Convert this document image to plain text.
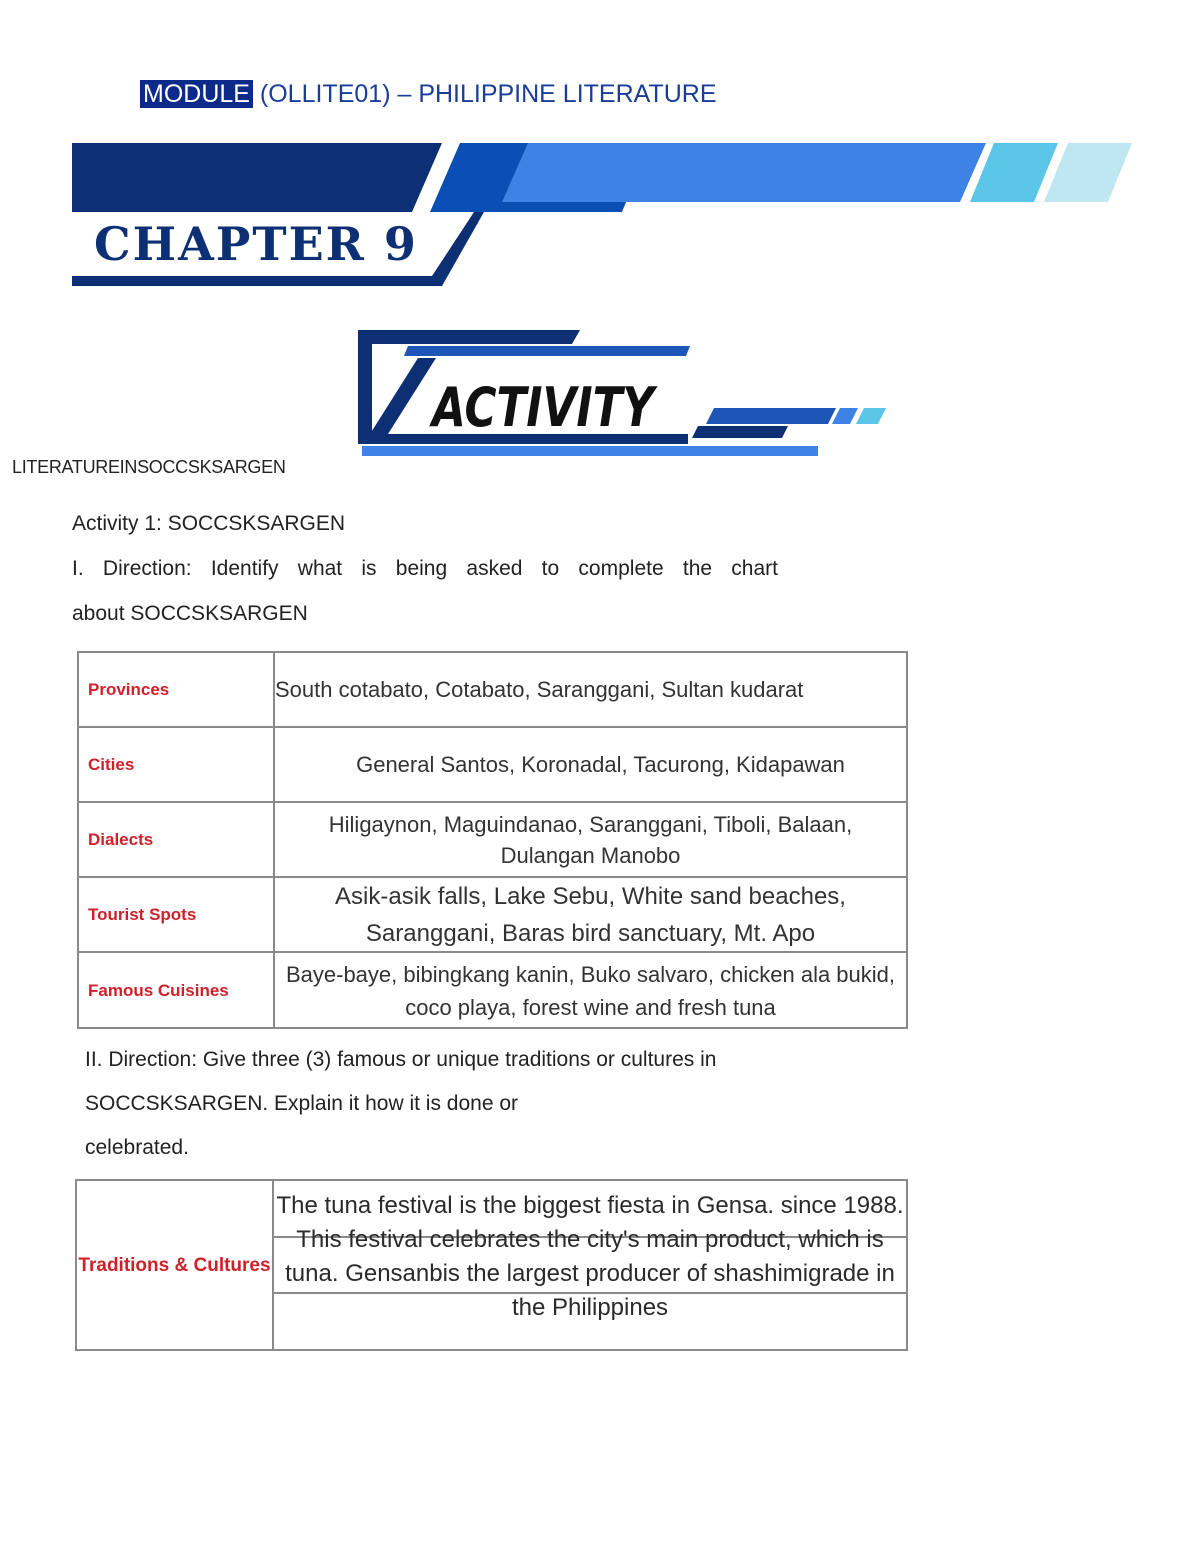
MODULE (OLLITE01) – PHILIPPINE LITERATURE
CHAPTER 9
ACTIVITY
LITERATUREINSOCCSKSARGEN
Activity 1: SOCCSKSARGEN
I. Direction: Identify what is being asked to complete the chart
about SOCCSKSARGEN
Provinces	South cotabato, Cotabato, Saranggani, Sultan kudarat
Cities	General Santos, Koronadal, Tacurong, Kidapawan
Hiligaynon, Maguindanao, Saranggani, Tiboli, Balaan, Dulangan Manobo
Dialects
Tourist Spots
Asik-asik falls, Lake Sebu, White sand beaches, Saranggani, Baras bird sanctuary, Mt. Apo
Famous Cuisines
Baye-baye, bibingkang kanin, Buko salvaro, chicken ala bukid, coco playa, forest wine and fresh tuna
II. Direction: Give three (3) famous or unique traditions or cultures in
SOCCSKSARGEN. Explain it how it is done or
celebrated.
Traditions & Cultures
The tuna festival is the biggest fiesta in Gensa. since 1988. This festival celebrates the city's main product, which is tuna. Gensanbis the largest producer of shashimigrade in the Philippines
